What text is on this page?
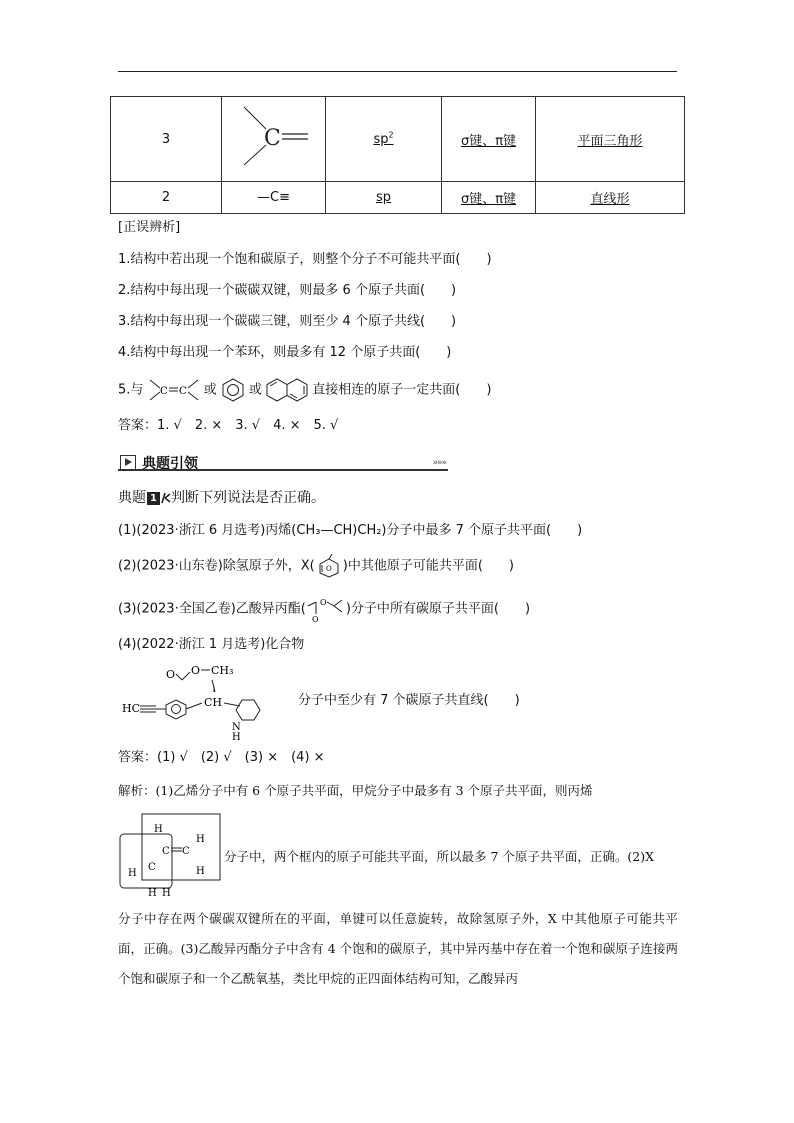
3	C	$sp^2$	σ键、π键	平面三角形
2	—C≡	sp	σ键、π键	直线形
[正误辨析]
1.结构中若出现一个饱和碳原子，则整个分子不可能共平面(　　)
2.结构中每出现一个碳碳双键，则最多 6 个原子共面(　　)
3.结构中每出现一个碳碳三键，则至少 4 个原子共线(　　)
4.结构中每出现一个苯环，则最多有 12 个原子共面(　　)
5.与 C C 或 或	直接相连的原子一定共面(　　)
答案：1. √　2. ×　3. √　4. ×　5. √
典题引领	»»»
典题 1 判断下列说法是否正确。
(1)(2023·浙江 6 月选考)丙烯(CH₃—CH)CH₂)分子中最多 7 个原子共平面(　　)
(2)(2023·山东卷)除氢原子外，X( O )中其他原子可能共平面(　　)
(3)(2023·全国乙卷)乙酸异丙酯(
O
O )分子中所有碳原子共平面(　　)
(4)(2022·浙江 1 月选考)化合物
O O CH₃
CH
HC
N
H
分子中至少有 7 个碳原子共直线(　　)
答案：(1) √　(2) √　(3) ×　(4) ×
解析：(1)乙烯分子中有 6 个原子共平面，甲烷分子中最多有 3 个原子共平面，则丙烯
H
H
C C
H
C
H
H H
分子中，两个框内的原子可能共平面，所以最多 7 个原子共平面，正确。(2)X
分子中存在两个碳碳双键所在的平面，单键可以任意旋转，故除氢原子外，X 中其他原子可能共平面，正确。(3)乙酸异丙酯分子中含有 4 个饱和的碳原子，其中异丙基中存在着一个饱和碳原子连接两个饱和碳原子和一个乙酰氧基，类比甲烷的正四面体结构可知，乙酸异丙
